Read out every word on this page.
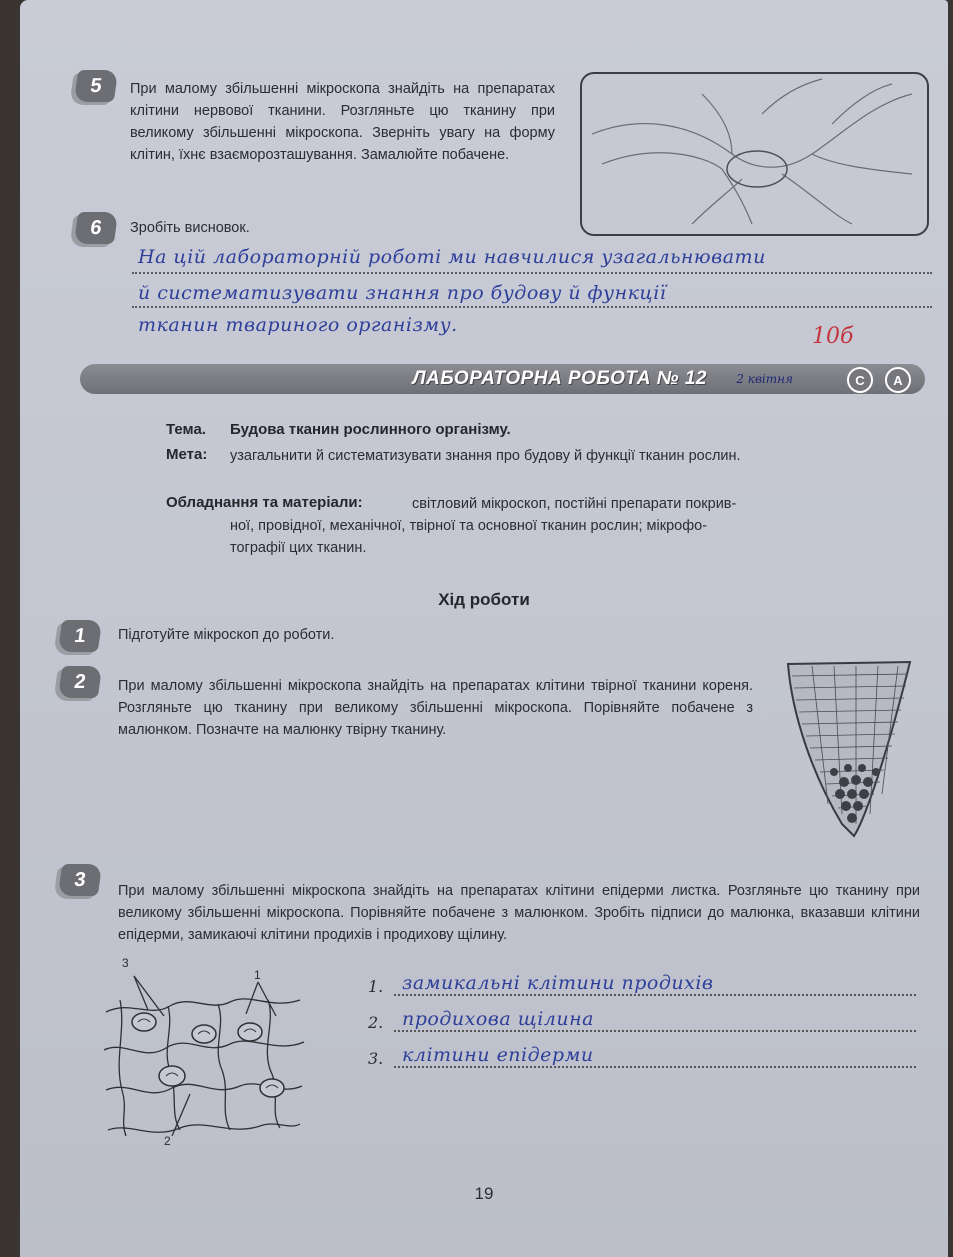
5 При малому збільшенні мікроскопа знайдіть на препаратах клітини нервової тканини. Розгляньте цю тканину при великому збільшенні мікроскопа. Зверніть увагу на форму клітин, їхнє взаєморозташування. Замалюйте побачене.
6 Зробіть висновок.
На цій лабораторній роботі ми навчилися узагальнювати
й систематизувати знання про будову й функції
тканин твариного організму.	10б
ЛАБОРАТОРНА РОБОТА № 12 2 квітня	С	А
Тема. Будова тканин рослинного організму.
Мета: узагальнити й систематизувати знання про будову й функції тканин рослин.
Обладнання та матеріали:	світловий мікроскоп, постійні препарати покрив-
ної, провідної, механічної, твірної та основної тканин рослин; мікрофо-
тографії цих тканин.
Хід роботи
1 Підготуйте мікроскоп до роботи.
2 При малому збільшенні мікроскопа знайдіть на препаратах клітини твірної тканини кореня. Розгляньте цю тканину при великому збільшенні мікроскопа. Порівняйте побачене з малюнком. Позначте на малюнку твірну тканину.
3
При малому збільшенні мікроскопа знайдіть на препаратах клітини епідерми листка. Розгляньте цю тканину при великому збільшенні мікроскопа. Порівняйте побачене з малюнком. Зробіть підписи до малюнка, вказавши клітини епідерми, замикаючі клітини продихів і продихову щілину.
3
1
2
1. замикальні клітини продихів
2. продихова щілина
3. клітини епідерми
19
